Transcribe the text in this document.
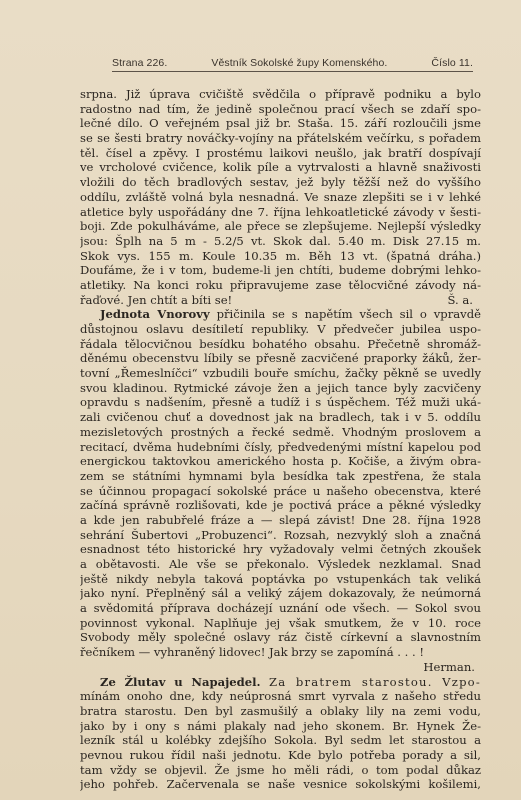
Strana 226.	Věstník Sokolské župy Komenského.	Číslo 11.
srpna. Již úprava cvičiště svědčila o přípravě podniku a bylo
radostno nad tím, že jedině společnou prací všech se zdaří spo-
lečné dílo. O veřejném psal již br. Staša. 15. září rozloučili jsme
se se šesti bratry nováčky-vojíny na přátelském večírku, s pořadem
těl. čísel a zpěvy. I prostému laikovi neušlo, jak bratří dospívají
ve vrcholové cvičence, kolik píle a vytrvalosti a hlavně snaživosti
vložili do těch bradlových sestav, jež byly těžší než do vyššího
oddílu, zvláště volná byla nesnadná. Ve snaze zlepšiti se i v lehké
atletice byly uspořádány dne 7. října lehkoatletické závody v šesti-
boji. Zde pokulháváme, ale přece se zlepšujeme. Nejlepší výsledky
jsou: Šplh na 5 m - 5.2/5 vt. Skok dal. 5.40 m. Disk 27.15 m.
Skok vys. 155 m. Koule 10.35 m. Běh 13 vt. (špatná dráha.)
Doufáme, že i v tom, budeme-li jen chtíti, budeme dobrými lehko-
atletiky. Na konci roku připravujeme zase tělocvičné závody ná-
řaďové. Jen chtít a bíti se!	Š. a.
Jednota Vnorovy přičinila se s napětím všech sil o vpravdě
důstojnou oslavu desítiletí republiky. V předvečer jubilea uspo-
řádala tělocvičnou besídku bohatého obsahu. Přečetně shromáž-
děnému obecenstvu líbily se přesně zacvičené praporky žáků, žer-
tovní „Řemeslníčci“ vzbudili bouře smíchu, žačky pěkně se uvedly
svou kladinou. Rytmické závoje žen a jejich tance byly zacvičeny
opravdu s nadšením, přesně a tudíž i s úspěchem. Též muži uká-
zali cvičenou chuť a dovednost jak na bradlech, tak i v 5. oddílu
mezisletových prostných a řecké sedmě. Vhodným proslovem a
recitací, dvěma hudebními čísly, předvedenými místní kapelou pod
energickou taktovkou amerického hosta p. Kočiše, a živým obra-
zem se státními hymnami byla besídka tak zpestřena, že stala
se účinnou propagací sokolské práce u našeho obecenstva, které
začíná správně rozlišovati, kde je poctivá práce a pěkné výsledky
a kde jen rabubřelé fráze a — slepá závist! Dne 28. října 1928
sehrání Šubertovi „Probuzenci“. Rozsah, nezvyklý sloh a značná
esnadnost této historické hry vyžadovaly velmi četných zkoušek
a obětavosti. Ale vše se překonalo. Výsledek nezklamal. Snad
ještě nikdy nebyla taková poptávka po vstupenkách tak veliká
jako nyní. Přeplněný sál a veliký zájem dokazovaly, že neúmorná
a svědomitá příprava docházejí uznání ode všech. — Sokol svou
povinnost vykonal. Naplňuje jej však smutkem, že v 10. roce
Svobody měly společné oslavy ráz čistě církevní a slavnostním
řečníkem — vyhraněný lidovec! Jak brzy se zapomíná . . . !
Herman.
Ze Žlutav u Napajedel. Za bratrem starostou. Vzpo-
mínám onoho dne, kdy neúprosná smrt vyrvala z našeho středu
bratra starostu. Den byl zasmušilý a oblaky lily na zemi vodu,
jako by i ony s námi plakaly nad jeho skonem. Br. Hynek Že-
lezník stál u kolébky zdejšího Sokola. Byl sedm let starostou a
pevnou rukou řídil naši jednotu. Kde bylo potřeba porady a sil,
tam vždy se objevil. Že jsme ho měli rádi, o tom podal důkaz
jeho pohřeb. Začervenala se naše vesnice sokolskými košilemi,
